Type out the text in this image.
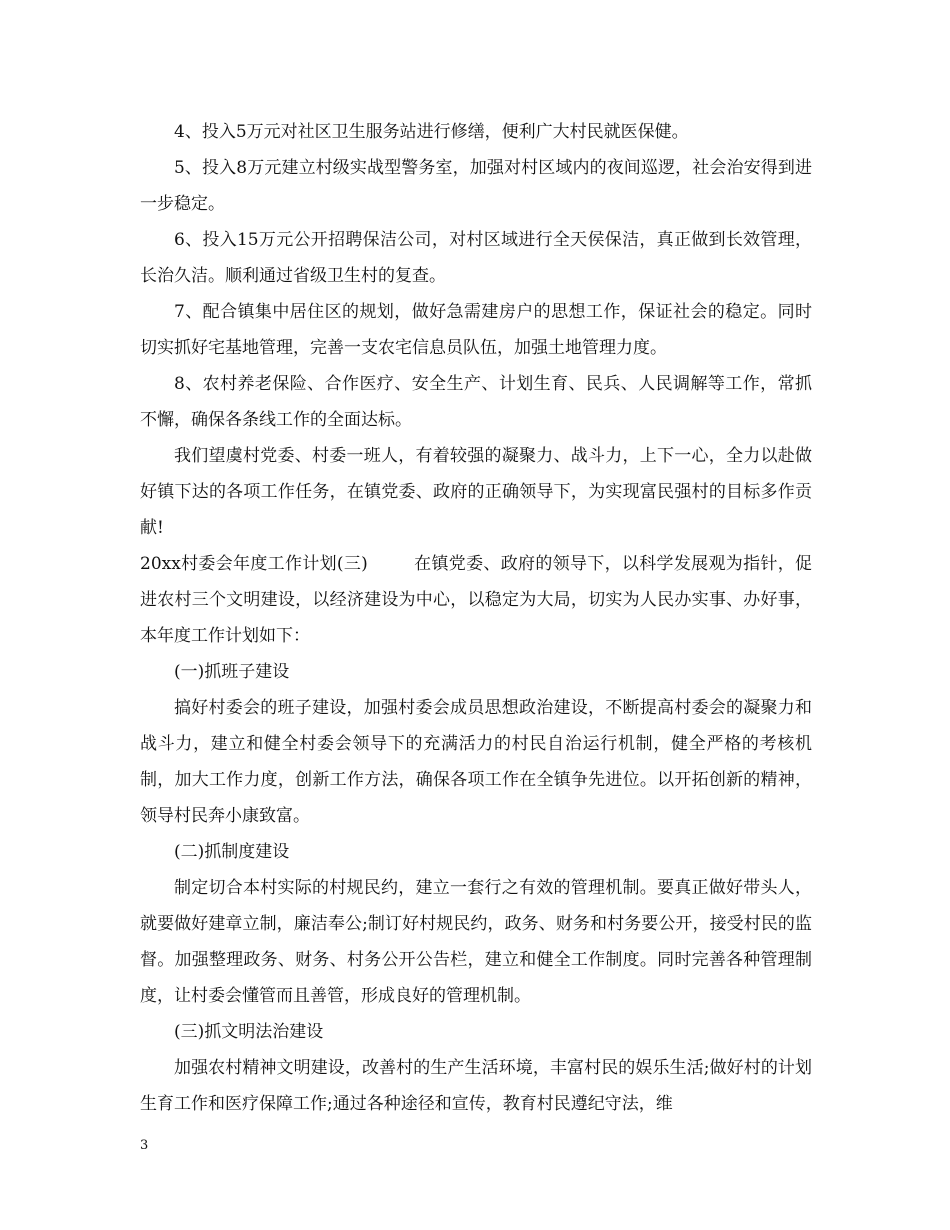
4、投入5万元对社区卫生服务站进行修缮，便利广大村民就医保健。

5、投入8万元建立村级实战型警务室，加强对村区域内的夜间巡逻，社会治安得到进一步稳定。

6、投入15万元公开招聘保洁公司，对村区域进行全天侯保洁，真正做到长效管理，长治久洁。顺利通过省级卫生村的复查。

7、配合镇集中居住区的规划，做好急需建房户的思想工作，保证社会的稳定。同时切实抓好宅基地管理，完善一支农宅信息员队伍，加强土地管理力度。

8、农村养老保险、合作医疗、安全生产、计划生育、民兵、人民调解等工作，常抓不懈，确保各条线工作的全面达标。

我们望虞村党委、村委一班人，有着较强的凝聚力、战斗力，上下一心，全力以赴做好镇下达的各项工作任务，在镇党委、政府的正确领导下，为实现富民强村的目标多作贡献!

20xx村委会年度工作计划(三)	在镇党委、政府的领导下，以科学发展观为指针，促进农村三个文明建设，以经济建设为中心，以稳定为大局，切实为人民办实事、办好事，本年度工作计划如下：

(一)抓班子建设

搞好村委会的班子建设，加强村委会成员思想政治建设，不断提高村委会的凝聚力和战斗力，建立和健全村委会领导下的充满活力的村民自治运行机制，健全严格的考核机制，加大工作力度，创新工作方法，确保各项工作在全镇争先进位。以开拓创新的精神，领导村民奔小康致富。

(二)抓制度建设

制定切合本村实际的村规民约，建立一套行之有效的管理机制。要真正做好带头人，就要做好建章立制，廉洁奉公;制订好村规民约，政务、财务和村务要公开，接受村民的监督。加强整理政务、财务、村务公开公告栏，建立和健全工作制度。同时完善各种管理制度，让村委会懂管而且善管，形成良好的管理机制。

(三)抓文明法治建设

加强农村精神文明建设，改善村的生产生活环境，丰富村民的娱乐生活;做好村的计划生育工作和医疗保障工作;通过各种途径和宣传，教育村民遵纪守法，维

3
